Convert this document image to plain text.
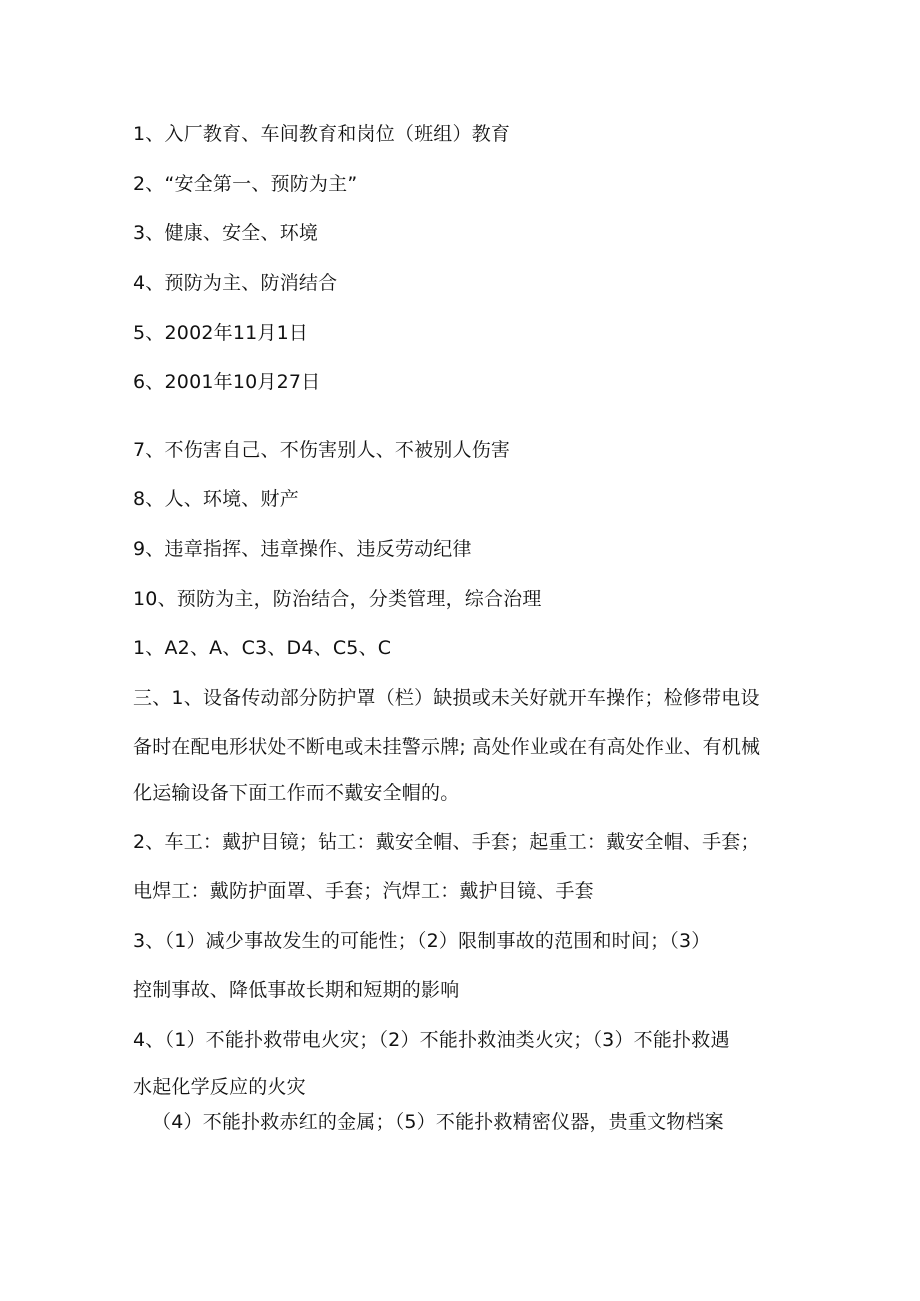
1、入厂教育、车间教育和岗位（班组）教育
2、“安全第一、预防为主”
3、健康、安全、环境
4、预防为主、防消结合
5、2002年11月1日
6、2001年10月27日
7、不伤害自己、不伤害别人、不被别人伤害
8、人、环境、财产
9、违章指挥、违章操作、违反劳动纪律
10、预防为主，防治结合，分类管理，综合治理
1、A2、A、C3、D4、C5、C
三、1、设备传动部分防护罩（栏）缺损或未关好就开车操作；检修带电设
备时在配电形状处不断电或未挂警示牌; 高处作业或在有高处作业、有机械
化运输设备下面工作而不戴安全帽的。
2、车工：戴护目镜；钻工：戴安全帽、手套；起重工：戴安全帽、手套；
电焊工：戴防护面罩、手套；汽焊工：戴护目镜、手套
3、（1）减少事故发生的可能性；（2）限制事故的范围和时间；（3）
控制事故、降低事故长期和短期的影响
4、（1）不能扑救带电火灾；（2）不能扑救油类火灾；（3）不能扑救遇
水起化学反应的火灾
（4）不能扑救赤红的金属；（5）不能扑救精密仪器，贵重文物档案
